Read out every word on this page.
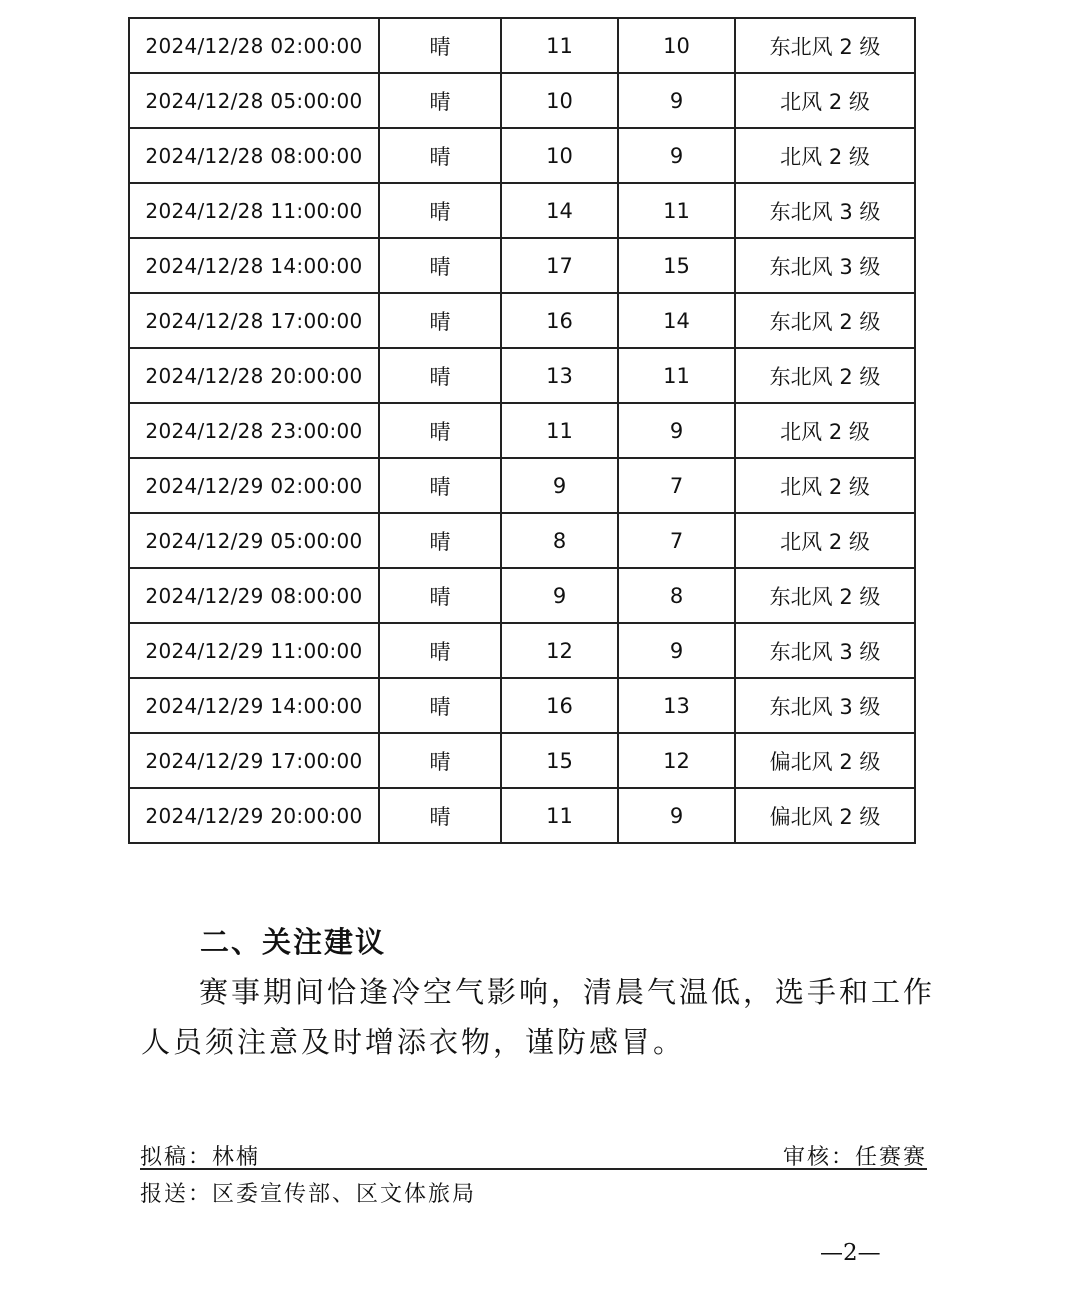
2024/12/28 02:00:00	晴	11	10	东北风 2 级
2024/12/28 05:00:00	晴	10	9	北风 2 级
2024/12/28 08:00:00	晴	10	9	北风 2 级
2024/12/28 11:00:00	晴	14	11	东北风 3 级
2024/12/28 14:00:00	晴	17	15	东北风 3 级
2024/12/28 17:00:00	晴	16	14	东北风 2 级
2024/12/28 20:00:00	晴	13	11	东北风 2 级
2024/12/28 23:00:00	晴	11	9	北风 2 级
2024/12/29 02:00:00	晴	9	7	北风 2 级
2024/12/29 05:00:00	晴	8	7	北风 2 级
2024/12/29 08:00:00	晴	9	8	东北风 2 级
2024/12/29 11:00:00	晴	12	9	东北风 3 级
2024/12/29 14:00:00	晴	16	13	东北风 3 级
2024/12/29 17:00:00	晴	15	12	偏北风 2 级
2024/12/29 20:00:00	晴	11	9	偏北风 2 级
二、关注建议
赛事期间恰逢冷空气影响，清晨气温低，选手和工作人员须注意及时增添衣物，谨防感冒。
拟稿：林楠	审核：任赛赛
报送：区委宣传部、区文体旅局
—2—
